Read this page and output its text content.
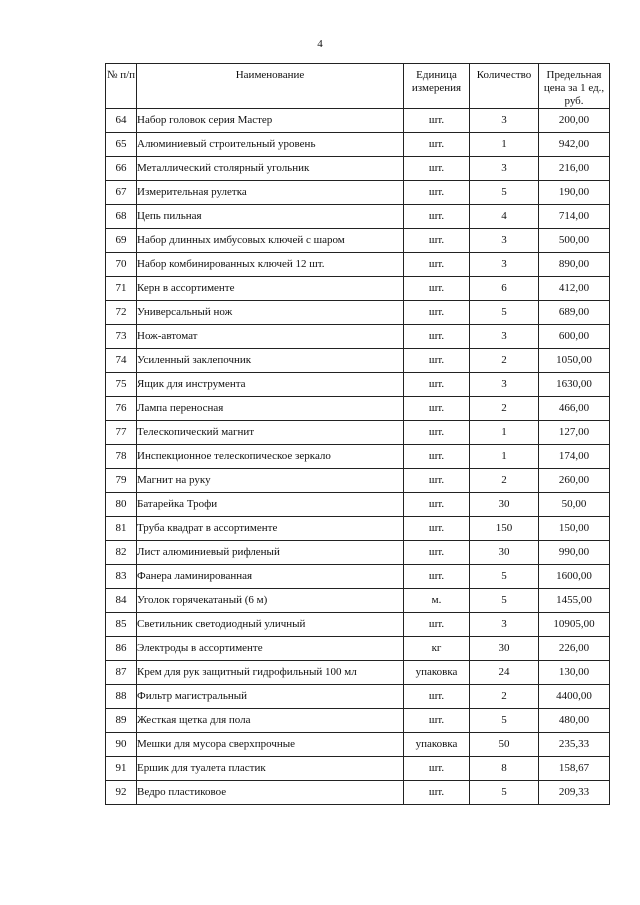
4
№ п/п	Наименование	Единица измерения	Количество	Предельная цена за 1 ед., руб.
64	Набор головок серия Мастер	шт.	3	200,00
65	Алюминиевый строительный уровень	шт.	1	942,00
66	Металлический столярный угольник	шт.	3	216,00
67	Измерительная рулетка	шт.	5	190,00
68	Цепь пильная	шт.	4	714,00
69	Набор длинных имбусовых ключей с шаром	шт.	3	500,00
70	Набор комбинированных ключей 12 шт.	шт.	3	890,00
71	Керн в ассортименте	шт.	6	412,00
72	Универсальный нож	шт.	5	689,00
73	Нож-автомат	шт.	3	600,00
74	Усиленный заклепочник	шт.	2	1050,00
75	Ящик для инструмента	шт.	3	1630,00
76	Лампа переносная	шт.	2	466,00
77	Телескопический магнит	шт.	1	127,00
78	Инспекционное телескопическое зеркало	шт.	1	174,00
79	Магнит на руку	шт.	2	260,00
80	Батарейка Трофи	шт.	30	50,00
81	Труба квадрат в ассортименте	шт.	150	150,00
82	Лист алюминиевый рифленый	шт.	30	990,00
83	Фанера ламинированная	шт.	5	1600,00
84	Уголок горячекатаный (6 м)	м.	5	1455,00
85	Светильник светодиодный уличный	шт.	3	10905,00
86	Электроды в ассортименте	кг	30	226,00
87	Крем для рук защитный гидрофильный 100 мл	упаковка	24	130,00
88	Фильтр магистральный	шт.	2	4400,00
89	Жесткая щетка для пола	шт.	5	480,00
90	Мешки для мусора сверхпрочные	упаковка	50	235,33
91	Ершик для туалета пластик	шт.	8	158,67
92	Ведро пластиковое	шт.	5	209,33
